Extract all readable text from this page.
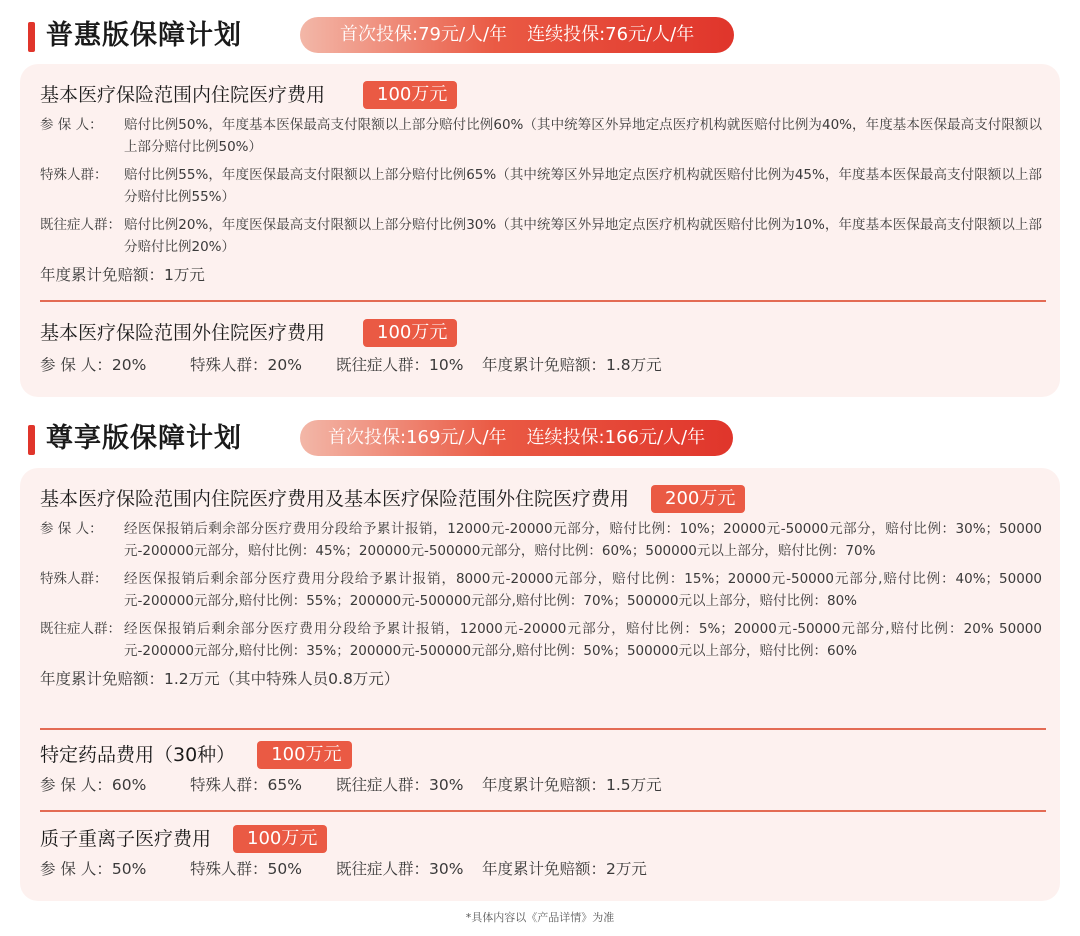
普惠版保障计划	首次投保:79元/人/年 连续投保:76元/人/年
基本医疗保险范围内住院医疗费用	100万元
参 保 人：	赔付比例50%，年度基本医保最高支付限额以上部分赔付比例60%（其中统筹区外异地定点医疗机构就医赔付比例为40%，年度基本医保最高支付限额以上部分赔付比例50%）
特殊人群：	赔付比例55%，年度医保最高支付限额以上部分赔付比例65%（其中统筹区外异地定点医疗机构就医赔付比例为45%，年度基本医保最高支付限额以上部分赔付比例55%）
既往症人群： 赔付比例20%，年度医保最高支付限额以上部分赔付比例30%（其中统筹区外异地定点医疗机构就医赔付比例为10%，年度基本医保最高支付限额以上部分赔付比例20%）
年度累计免赔额：1万元
基本医疗保险范围外住院医疗费用	100万元
参 保 人：20%	特殊人群：20%	既往症人群：10%	年度累计免赔额：1.8万元
尊享版保障计划	首次投保:169元/人/年 连续投保:166元/人/年
基本医疗保险范围内住院医疗费用及基本医疗保险范围外住院医疗费用	200万元
参 保 人：	经医保报销后剩余部分医疗费用分段给予累计报销，12000元-20000元部分，赔付比例：10%；20000元-50000元部分，赔付比例：30%；50000元-200000元部分，赔付比例：45%；200000元-500000元部分，赔付比例：60%；500000元以上部分，赔付比例：70%
特殊人群：	经医保报销后剩余部分医疗费用分段给予累计报销，8000元-20000元部分，赔付比例：15%；20000元-50000元部分,赔付比例：40%；50000元-200000元部分,赔付比例：55%；200000元-500000元部分,赔付比例：70%；500000元以上部分，赔付比例：80%
既往症人群： 经医保报销后剩余部分医疗费用分段给予累计报销，12000元-20000元部分，赔付比例：5%；20000元-50000元部分,赔付比例：20% 50000元-200000元部分,赔付比例：35%；200000元-500000元部分,赔付比例：50%；500000元以上部分，赔付比例：60%
年度累计免赔额：1.2万元（其中特殊人员0.8万元）
特定药品费用（30种）	100万元
参 保 人：60%	特殊人群：65%	既往症人群：30%	年度累计免赔额：1.5万元
质子重离子医疗费用	100万元
参 保 人：50%	特殊人群：50%	既往症人群：30%	年度累计免赔额：2万元
*具体内容以《产品详情》为准
